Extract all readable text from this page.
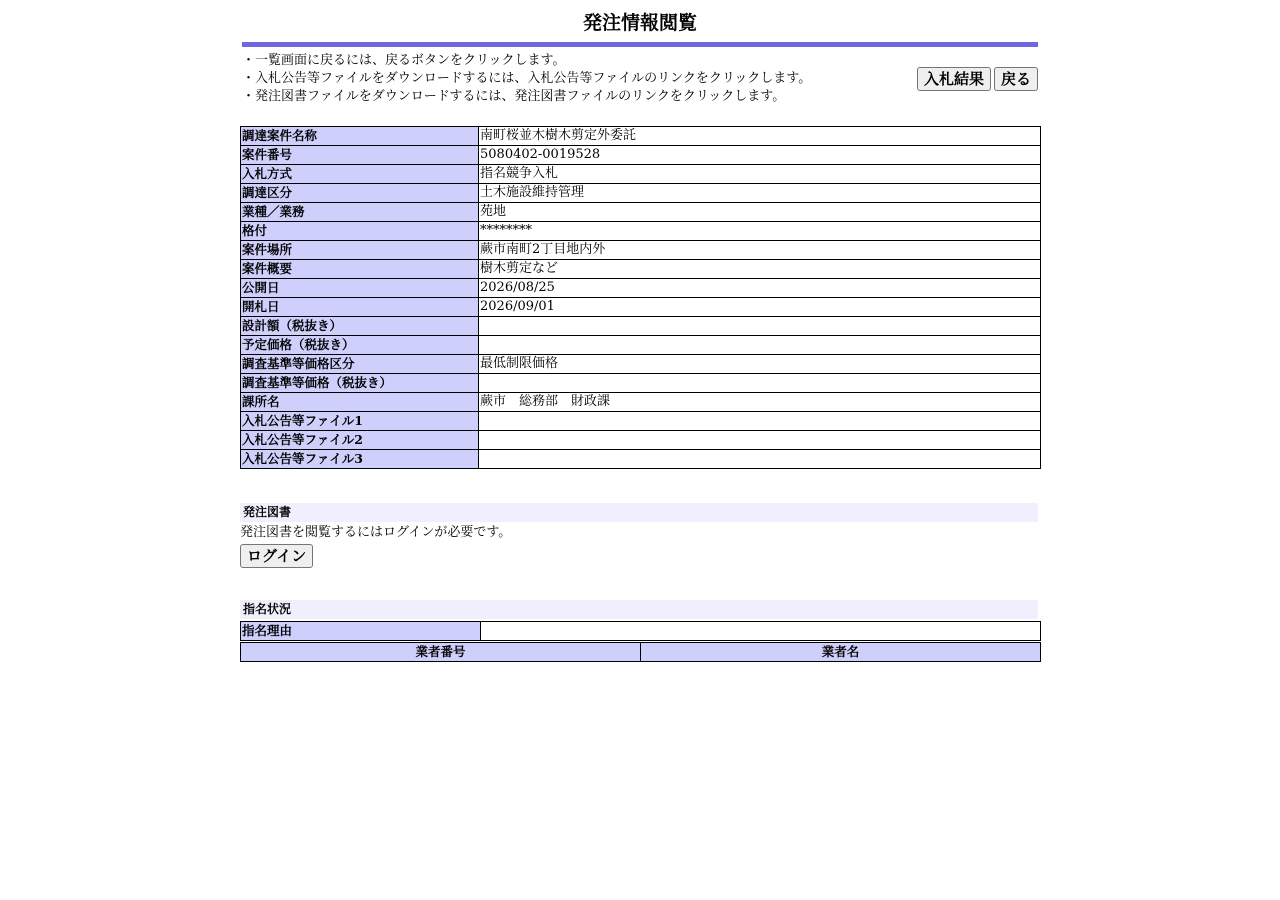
発注情報閲覧
・一覧画面に戻るには、戻るボタンをクリックします。
・入札公告等ファイルをダウンロードするには、入札公告等ファイルのリンクをクリックします。
・発注図書ファイルをダウンロードするには、発注図書ファイルのリンクをクリックします。
入札結果	戻る
調達案件名称	南町桜並木樹木剪定外委託
案件番号	5080402-0019528
入札方式	指名競争入札
調達区分	土木施設維持管理
業種／業務	苑地
格付	********
案件場所	蕨市南町2丁目地内外
案件概要	樹木剪定など
公開日	2026/08/25
開札日	2026/09/01
設計額（税抜き）	
予定価格（税抜き）	
調査基準等価格区分	最低制限価格
調査基準等価格（税抜き）	
課所名	蕨市　総務部　財政課
入札公告等ファイル1	
入札公告等ファイル2	
入札公告等ファイル3	
発注図書
発注図書を閲覧するにはログインが必要です。
ログイン
指名状況
指名理由	
業者番号	業者名
